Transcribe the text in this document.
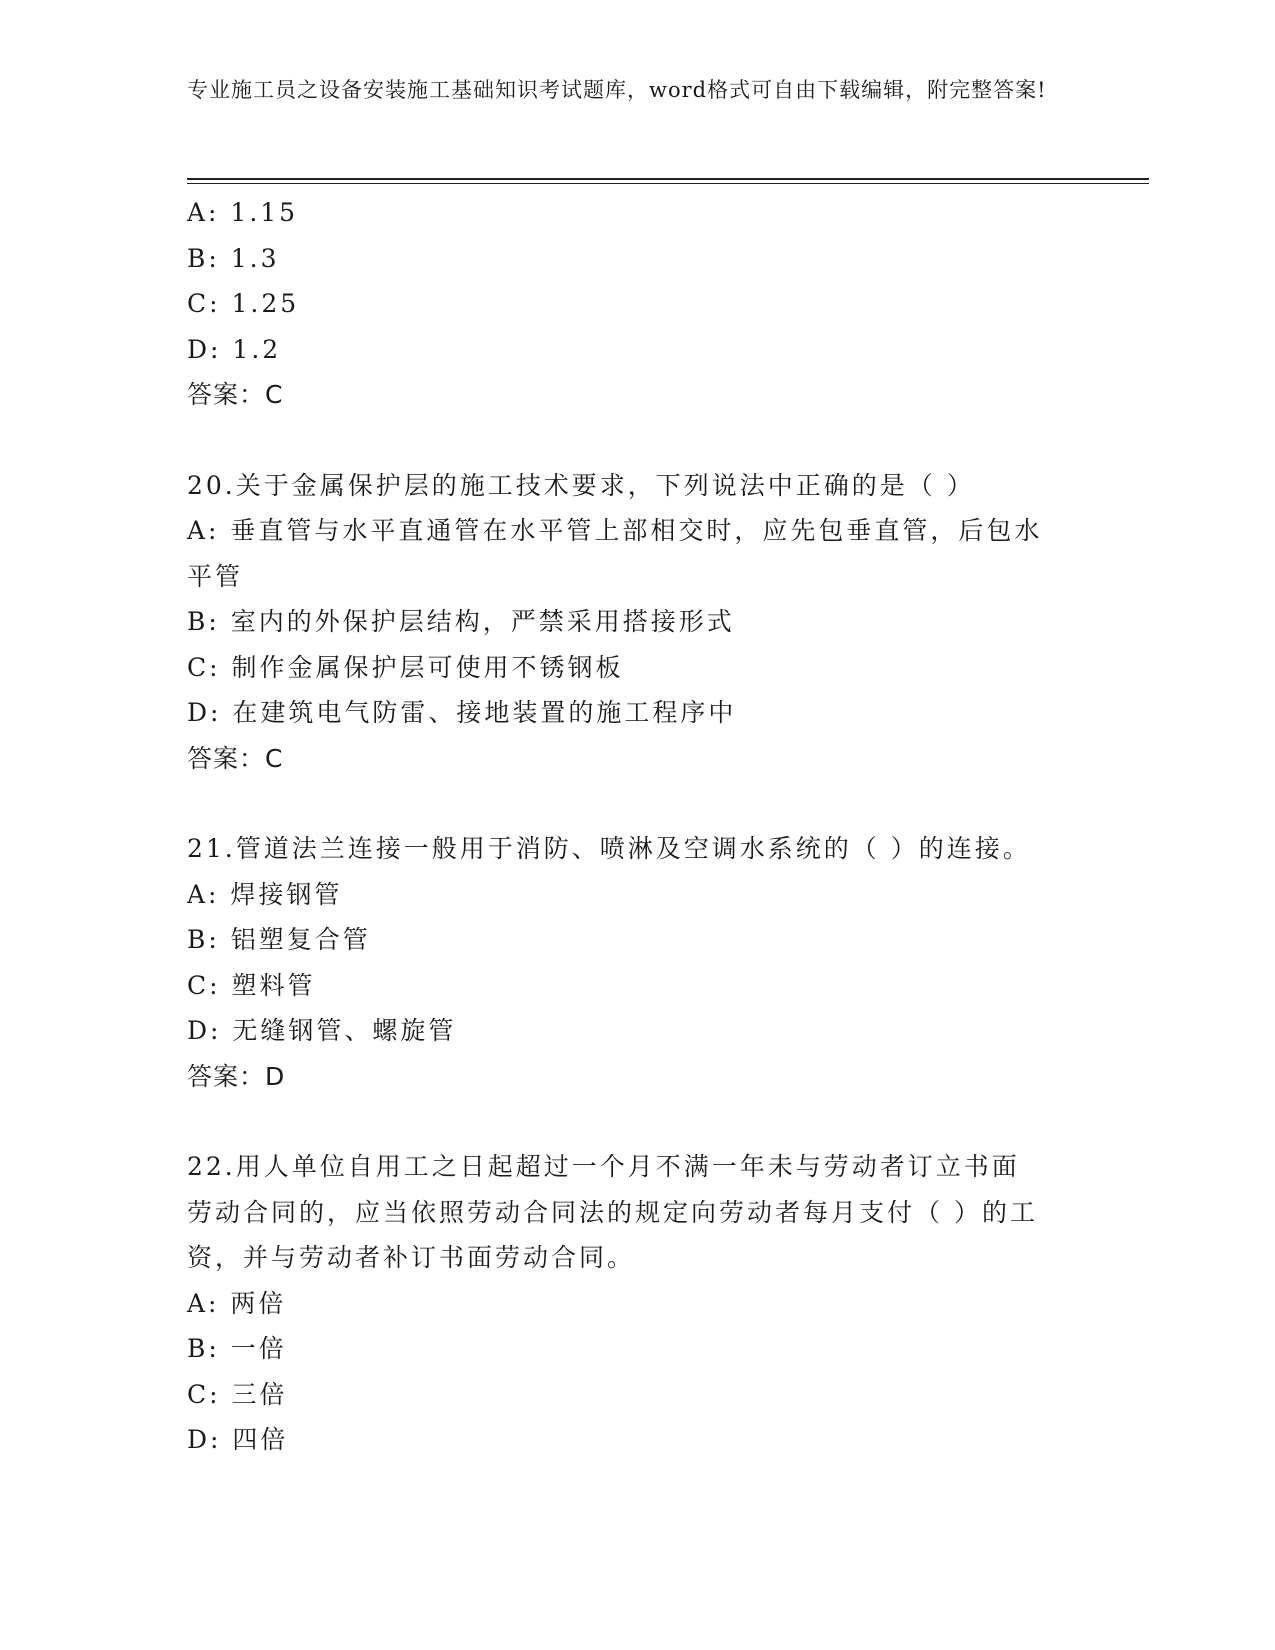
专业施工员之设备安装施工基础知识考试题库，word格式可自由下载编辑，附完整答案!
A: 1.15
B: 1.3
C: 1.25
D: 1.2
答案：C
20.关于金属保护层的施工技术要求，下列说法中正确的是（ ）
A: 垂直管与水平直通管在水平管上部相交时，应先包垂直管，后包水平管
B: 室内的外保护层结构，严禁采用搭接形式
C: 制作金属保护层可使用不锈钢板
D: 在建筑电气防雷、接地装置的施工程序中
答案：C
21.管道法兰连接一般用于消防、喷淋及空调水系统的（ ）的连接。
A: 焊接钢管
B: 铝塑复合管
C: 塑料管
D: 无缝钢管、螺旋管
答案：D
22.用人单位自用工之日起超过一个月不满一年未与劳动者订立书面劳动合同的，应当依照劳动合同法的规定向劳动者每月支付（ ）的工资，并与劳动者补订书面劳动合同。
A: 两倍
B: 一倍
C: 三倍
D: 四倍
